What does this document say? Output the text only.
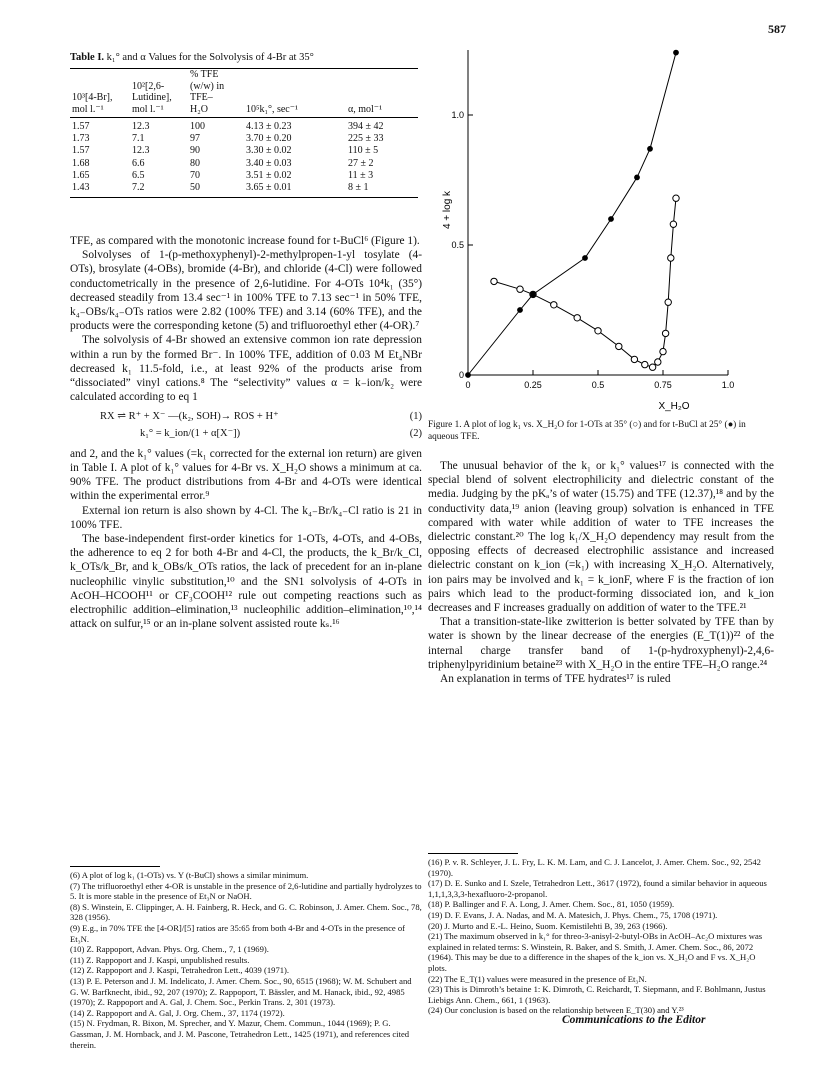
587
Table I. k₁° and α Values for the Solvolysis of 4-Br at 35°
10³[4-Br],
mol l.⁻¹	10²[2,6-
Lutidine],
mol l.⁻¹	% TFE
(w/w) in
TFE–
H₂O	10⁵k₁°, sec⁻¹	α, mol⁻¹
1.57	12.3	100	4.13 ± 0.23	394 ± 42
1.73	7.1	97	3.70 ± 0.20	225 ± 33
1.57	12.3	90	3.30 ± 0.02	110 ± 5
1.68	6.6	80	3.40 ± 0.03	27 ± 2
1.65	6.5	70	3.51 ± 0.02	11 ± 3
1.43	7.2	50	3.65 ± 0.01	8 ± 1

TFE, as compared with the monotonic increase found for t-BuCl⁶ (Figure 1).

Solvolyses of 1-(p-methoxyphenyl)-2-methylpropen-1-yl tosylate (4-OTs), brosylate (4-OBs), bromide (4-Br), and chloride (4-Cl) were followed conductometrically in the presence of 2,6-lutidine. For 4-OTs 10⁴k₁ (35°) decreased steadily from 13.4 sec⁻¹ in 100% TFE to 7.13 sec⁻¹ in 50% TFE, k₄₋OBs/k₄₋OTs ratios were 2.82 (100% TFE) and 3.14 (60% TFE), and the products were the corresponding ketone (5) and trifluoroethyl ether (4-OR).⁷

The solvolysis of 4-Br showed an extensive common ion rate depression within a run by the formed Br⁻. In 100% TFE, addition of 0.03 M Et₄NBr decreased k₁ 11.5-fold, i.e., at least 92% of the products arise from “dissociated” vinyl cations.⁸ The “selectivity” values α = k₋ion/k₂ were calculated according to eq 1

RX ⇌ R⁺ + X⁻ —(k₂, SOH)→ ROS + H⁺	(1)
k₁° = k_ion/(1 + α[X⁻])	(2)

and 2, and the k₁° values (=k₁ corrected for the external ion return) are given in Table I. A plot of k₁° values for 4-Br vs. X_H₂O shows a minimum at ca. 90% TFE. The product distributions from 4-Br and 4-OTs were identical within the experimental error.⁹

External ion return is also shown by 4-Cl. The k₄₋Br/k₄₋Cl ratio is 21 in 100% TFE.

The base-independent first-order kinetics for 1-OTs, 4-OTs, and 4-OBs, the adherence to eq 2 for both 4-Br and 4-Cl, the products, the k_Br/k_Cl, k_OTs/k_Br, and k_OBs/k_OTs ratios, the lack of precedent for an in-plane nucleophilic vinylic substitution,¹⁰ and the SN1 solvolysis of 4-OTs in AcOH–HCOOH¹¹ or CF₃COOH¹² rule out competing reactions such as electrophilic addition–elimination,¹³ nucleophilic addition–elimination,¹⁰,¹⁴ attack on sulfur,¹⁵ or an in-plane solvent assisted route kₛ.¹⁶

(6) A plot of log k₁ (1-OTs) vs. Y (t-BuCl) shows a similar minimum.

(7) The trifluoroethyl ether 4-OR is unstable in the presence of 2,6-lutidine and partially hydrolyzes to 5. It is more stable in the presence of Et₃N or NaOH.

(8) S. Winstein, E. Clippinger, A. H. Fainberg, R. Heck, and G. C. Robinson, J. Amer. Chem. Soc., 78, 328 (1956).

(9) E.g., in 70% TFE the [4-OR]/[5] ratios are 35:65 from both 4-Br and 4-OTs in the presence of Et₃N.

(10) Z. Rappoport, Advan. Phys. Org. Chem., 7, 1 (1969).

(11) Z. Rappoport and J. Kaspi, unpublished results.

(12) Z. Rappoport and J. Kaspi, Tetrahedron Lett., 4039 (1971).

(13) P. E. Peterson and J. M. Indelicato, J. Amer. Chem. Soc., 90, 6515 (1968); W. M. Schubert and G. W. Barfknecht, ibid., 92, 207 (1970); Z. Rappoport, T. Bässler, and M. Hanack, ibid., 92, 4985 (1970); Z. Rappoport and A. Gal, J. Chem. Soc., Perkin Trans. 2, 301 (1973).

(14) Z. Rappoport and A. Gal, J. Org. Chem., 37, 1174 (1972).

(15) N. Frydman, R. Bixon, M. Sprecher, and Y. Mazur, Chem. Commun., 1044 (1969); P. G. Gassman, J. M. Hornback, and J. M. Pascone, Tetrahedron Lett., 1425 (1971), and references cited therein.

4 + log k
X_H₂O
0
0.5
1.0
0	0.25	0.5	0.75	1.0
Figure 1. A plot of log k₁ vs. X_H₂O for 1-OTs at 35° (○) and for t-BuCl at 25° (●) in aqueous TFE.

The unusual behavior of the k₁ or k₁° values¹⁷ is connected with the special blend of solvent electrophilicity and dielectric constant of the media. Judging by the pKₐ’s of water (15.75) and TFE (12.37),¹⁸ and by the conductivity data,¹⁹ anion (leaving group) solvation is enhanced in TFE compared with water while addition of water to TFE increases the dielectric constant.²⁰ The log k₁/X_H₂O dependency may result from the opposing effects of decreased electrophilic assistance and increased dielectric constant on k_ion (=k₁) with increasing X_H₂O. Alternatively, ion pairs may be involved and k₁ = k_ionF, where F is the fraction of ion pairs which lead to the product-forming dissociated ion, and k_ion decreases and F increases gradually on addition of water to the TFE.²¹

That a transition-state-like zwitterion is better solvated by TFE than by water is shown by the linear decrease of the energies (E_T(1))²² of the internal charge transfer band of 1-(p-hydroxyphenyl)-2,4,6-triphenylpyridinium betaine²³ with X_H₂O in the entire TFE–H₂O range.²⁴

An explanation in terms of TFE hydrates¹⁷ is ruled

(16) P. v. R. Schleyer, J. L. Fry, L. K. M. Lam, and C. J. Lancelot, J. Amer. Chem. Soc., 92, 2542 (1970).

(17) D. E. Sunko and I. Szele, Tetrahedron Lett., 3617 (1972), found a similar behavior in aqueous 1,1,1,3,3,3-hexafluoro-2-propanol.

(18) P. Ballinger and F. A. Long, J. Amer. Chem. Soc., 81, 1050 (1959).

(19) D. F. Evans, J. A. Nadas, and M. A. Matesich, J. Phys. Chem., 75, 1708 (1971).

(20) J. Murto and E.-L. Heino, Suom. Kemistilehti B, 39, 263 (1966).

(21) The maximum observed in k₁° for threo-3-anisyl-2-butyl-OBs in AcOH–Ac₂O mixtures was explained in related terms: S. Winstein, R. Baker, and S. Smith, J. Amer. Chem. Soc., 86, 2072 (1964). This may be due to a difference in the shapes of the k_ion vs. X_H₂O and F vs. X_H₂O plots.

(22) The E_T(1) values were measured in the presence of Et₃N.

(23) This is Dimroth’s betaine 1: K. Dimroth, C. Reichardt, T. Siepmann, and F. Bohlmann, Justus Liebigs Ann. Chem., 661, 1 (1963).

(24) Our conclusion is based on the relationship between E_T(30) and Y.²³

Communications to the Editor
